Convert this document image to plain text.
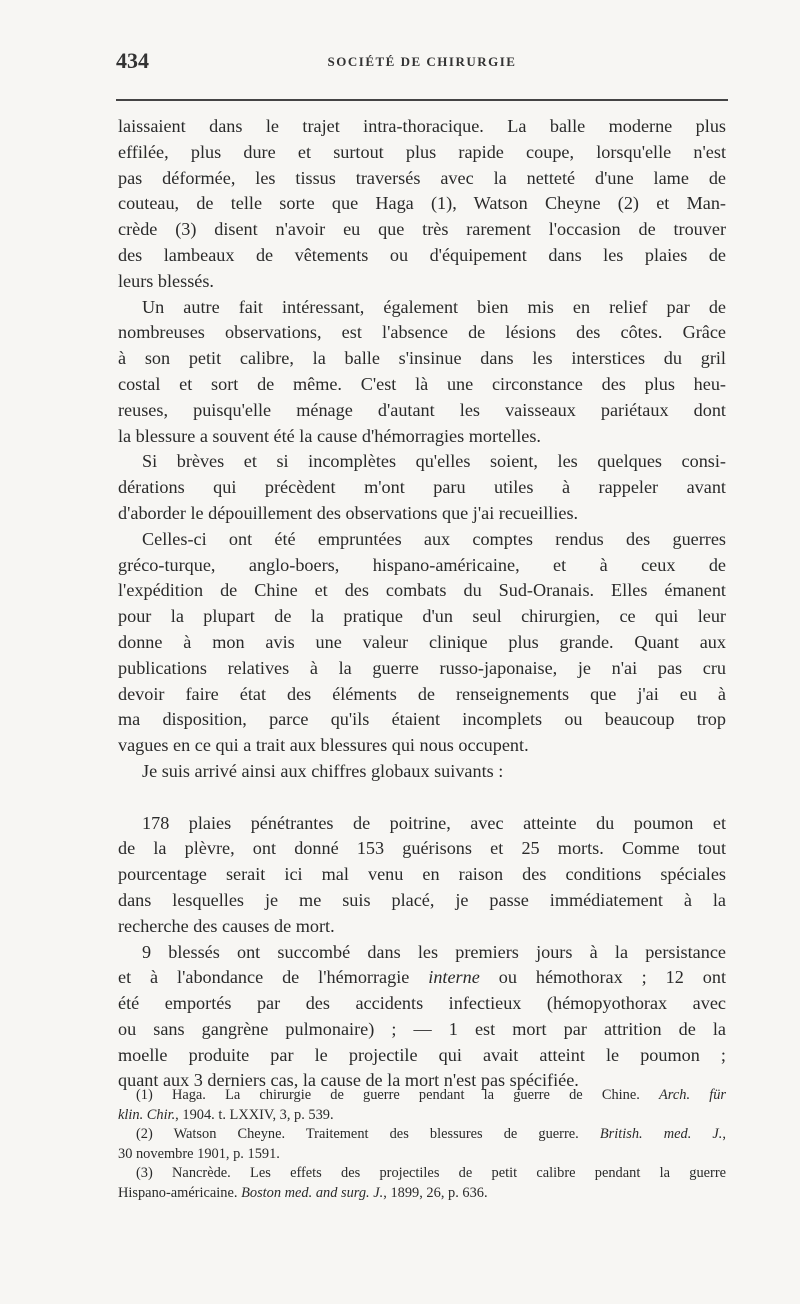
434	SOCIÉTÉ DE CHIRURGIE
laissaient dans le trajet intra-thoracique. La balle moderne plus
effilée, plus dure et surtout plus rapide coupe, lorsqu'elle n'est
pas déformée, les tissus traversés avec la netteté d'une lame de
couteau, de telle sorte que Haga (1), Watson Cheyne (2) et Man-
crède (3) disent n'avoir eu que très rarement l'occasion de trouver
des lambeaux de vêtements ou d'équipement dans les plaies de
leurs blessés.
Un autre fait intéressant, également bien mis en relief par de
nombreuses observations, est l'absence de lésions des côtes. Grâce
à son petit calibre, la balle s'insinue dans les interstices du gril
costal et sort de même. C'est là une circonstance des plus heu-
reuses, puisqu'elle ménage d'autant les vaisseaux pariétaux dont
la blessure a souvent été la cause d'hémorragies mortelles.
Si brèves et si incomplètes qu'elles soient, les quelques consi-
dérations qui précèdent m'ont paru utiles à rappeler avant
d'aborder le dépouillement des observations que j'ai recueillies.
Celles-ci ont été empruntées aux comptes rendus des guerres
gréco-turque, anglo-boers, hispano-américaine, et à ceux de
l'expédition de Chine et des combats du Sud-Oranais. Elles émanent
pour la plupart de la pratique d'un seul chirurgien, ce qui leur
donne à mon avis une valeur clinique plus grande. Quant aux
publications relatives à la guerre russo-japonaise, je n'ai pas cru
devoir faire état des éléments de renseignements que j'ai eu à
ma disposition, parce qu'ils étaient incomplets ou beaucoup trop
vagues en ce qui a trait aux blessures qui nous occupent.
Je suis arrivé ainsi aux chiffres globaux suivants :
178 plaies pénétrantes de poitrine, avec atteinte du poumon et
de la plèvre, ont donné 153 guérisons et 25 morts. Comme tout
pourcentage serait ici mal venu en raison des conditions spéciales
dans lesquelles je me suis placé, je passe immédiatement à la
recherche des causes de mort.
9 blessés ont succombé dans les premiers jours à la persistance
et à l'abondance de l'hémorragie interne ou hémothorax ; 12 ont
été emportés par des accidents infectieux (hémopyothorax avec
ou sans gangrène pulmonaire) ; — 1 est mort par attrition de la
moelle produite par le projectile qui avait atteint le poumon ;
quant aux 3 derniers cas, la cause de la mort n'est pas spécifiée.
(1) Haga. La chirurgie de guerre pendant la guerre de Chine. Arch. für
klin. Chir., 1904. t. LXXIV, 3, p. 539.
(2) Watson Cheyne. Traitement des blessures de guerre. British. med. J.,
30 novembre 1901, p. 1591.
(3) Nancrède. Les effets des projectiles de petit calibre pendant la guerre
Hispano-américaine. Boston med. and surg. J., 1899, 26, p. 636.
